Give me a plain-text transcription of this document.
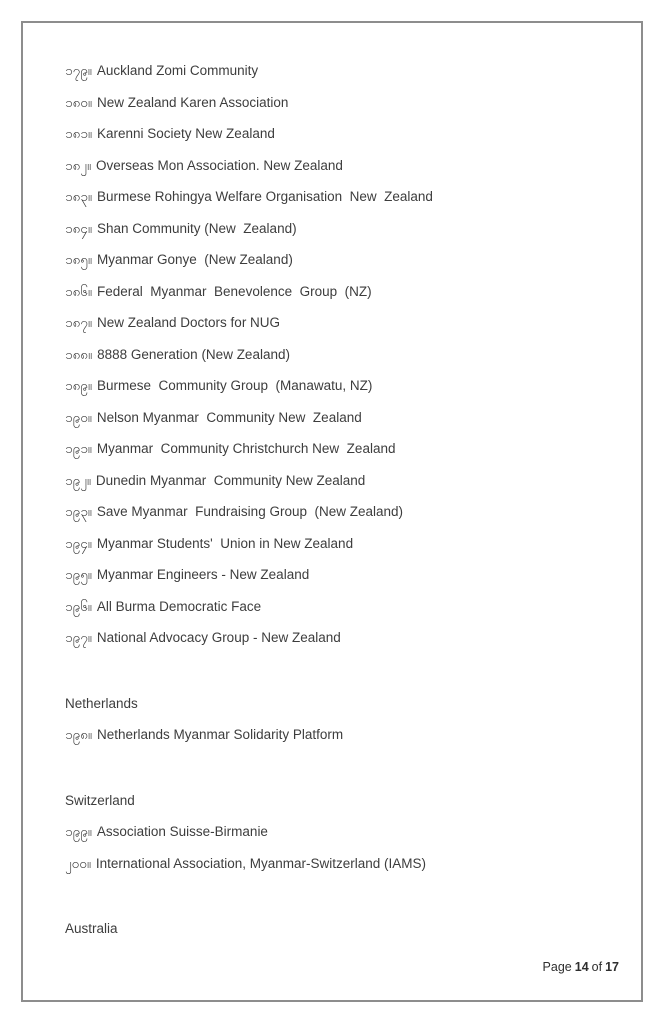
၁၇၉။ Auckland Zomi Community
၁၈၀။ New Zealand Karen Association
၁၈၁။ Karenni Society New Zealand
၁၈၂။ Overseas Mon Association. New Zealand
၁၈၃။ Burmese Rohingya Welfare Organisation  New  Zealand
၁၈၄။ Shan Community (New  Zealand)
၁၈၅။ Myanmar Gonye  (New Zealand)
၁၈၆။ Federal  Myanmar  Benevolence  Group  (NZ)
၁၈၇။ New Zealand Doctors for NUG
၁၈၈။ 8888 Generation (New Zealand)
၁၈၉။ Burmese  Community Group  (Manawatu, NZ)
၁၉၀။ Nelson Myanmar  Community New  Zealand
၁၉၁။ Myanmar  Community Christchurch New  Zealand
၁၉၂။ Dunedin Myanmar  Community New Zealand
၁၉၃။ Save Myanmar  Fundraising Group  (New Zealand)
၁၉၄။ Myanmar Students'  Union in New Zealand
၁၉၅။ Myanmar Engineers - New Zealand
၁၉၆။ All Burma Democratic Face
၁၉၇။ National Advocacy Group - New Zealand
Netherlands
၁၉၈။ Netherlands Myanmar Solidarity Platform
Switzerland
၁၉၉။ Association Suisse-Birmanie
၂၀၀။ International Association, Myanmar-Switzerland (IAMS)
Australia
Page 14 of 17
